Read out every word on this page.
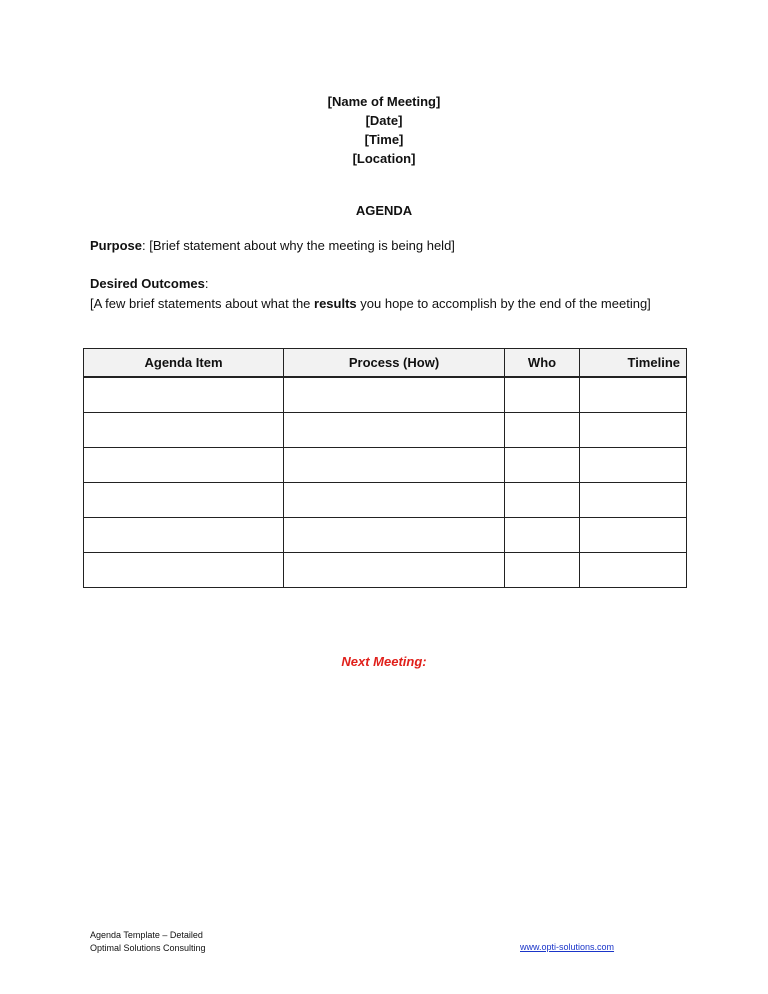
[Name of Meeting]
[Date]
[Time]
[Location]
AGENDA
Purpose: [Brief statement about why the meeting is being held]
Desired Outcomes:
[A few brief statements about what the results you hope to accomplish by the end of the meeting]
Agenda Item	Process (How)	Who	Timeline

Next Meeting:
Agenda Template – Detailed
Optimal Solutions Consulting	www.opti-solutions.com
